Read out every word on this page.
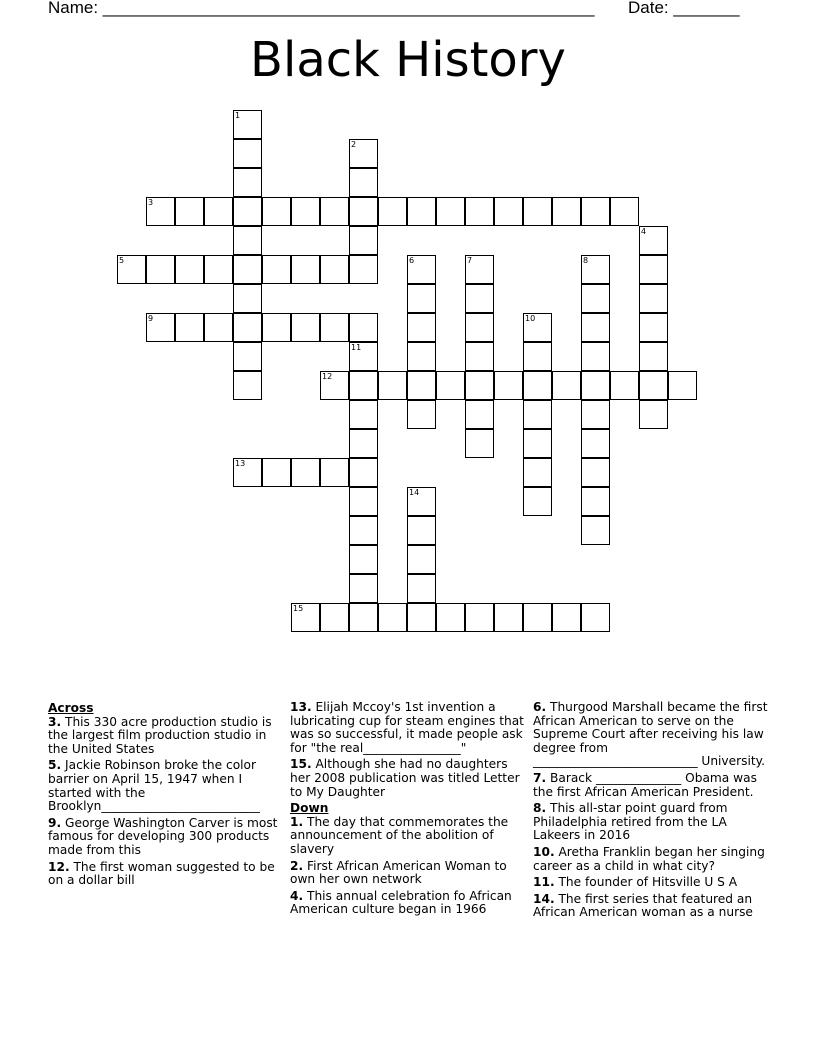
Name: ____________________________________________________ Date: _______
Black History
1
2
3
4
5	6	7	8
9	10
11
12
13
14
15
Across
3. This 330 acre production studio is the largest film production studio in the United States
5. Jackie Robinson broke the color barrier on April 15, 1947 when I started with the Brooklyn__________________________
9. George Washington Carver is most famous for developing 300 products made from this
12. The first woman suggested to be on a dollar bill
13. Elijah Mccoy's 1st invention a lubricating cup for steam engines that was so successful, it made people ask for "the real________________"
15. Although she had no daughters her 2008 publication was titled Letter to My Daughter
Down
1. The day that commemorates the announcement of the abolition of slavery
2. First African American Woman to own her own network
4. This annual celebration fo African American culture began in 1966
6. Thurgood Marshall became the first African American to serve on the Supreme Court after receiving his law degree from ___________________________ University.
7. Barack ______________ Obama was the first African American President.
8. This all-star point guard from Philadelphia retired from the LA Lakeers in 2016
10. Aretha Franklin began her singing career as a child in what city?
11. The founder of Hitsville U S A
14. The first series that featured an African American woman as a nurse
